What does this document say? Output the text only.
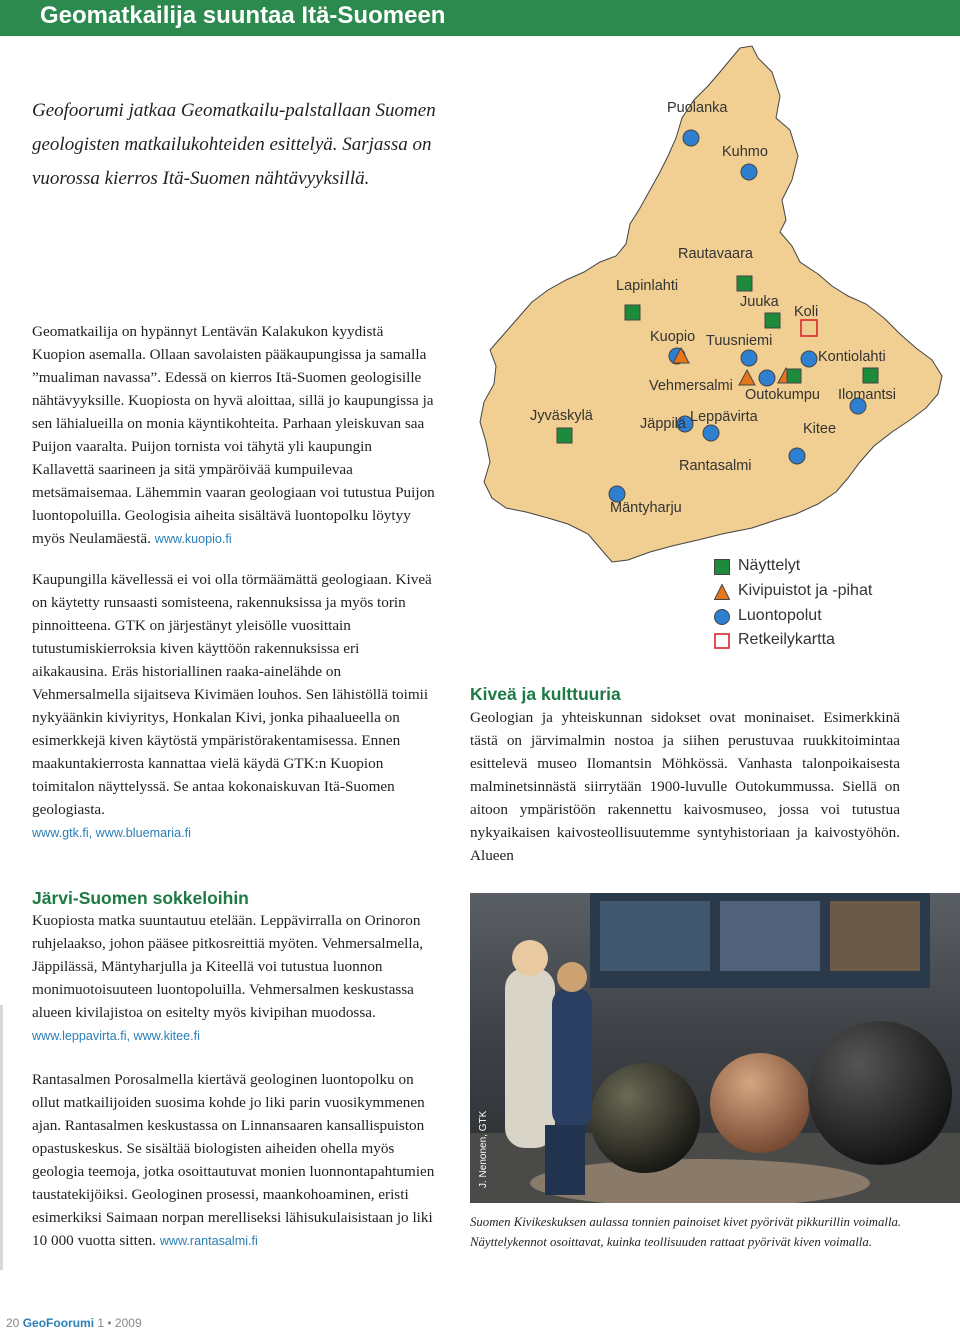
Geomatkailija suuntaa Itä-Suomeen
Geofoorumi jatkaa Geomatkailu-palstallaan Suomen geologisten matkailukohteiden esittelyä. Sarjassa on vuorossa kierros Itä-Suomen nähtävyyksillä.

Geomatkailija on hypännyt Lentävän Kalakukon kyydistä Kuopion asemalla. Ollaan savolaisten pääkaupungissa ja samalla ”mualiman navassa”. Edessä on kierros Itä-Suomen geologisille nähtävyyksille. Kuopiosta on hyvä aloittaa, sillä jo kaupungissa ja sen lähialueilla on monia käyntikohteita. Parhaan yleiskuvan saa Puijon vaaralta. Puijon tornista voi tähytä yli kaupungin Kallavettä saarineen ja sitä ympäröivää kumpuilevaa metsämaisemaa. Lähemmin vaaran geologiaan voi tutustua Puijon luontopoluilla. Geologisia aiheita sisältävä luontopolku löytyy myös Neulamäestä. www.kuopio.fi

Kaupungilla kävellessä ei voi olla törmäämättä geologiaan. Kiveä on käytetty runsaasti somisteena, rakennuksissa ja myös torin pinnoitteena. GTK on järjestänyt yleisölle vuosittain tutustumiskierroksia kiven käyttöön rakennuksissa eri aikakausina. Eräs historiallinen raaka-ainelähde on Vehmersalmella sijaitseva Kivimäen louhos. Sen lähistöllä toimii nykyäänkin kiviyritys, Honkalan Kivi, jonka pihaalueella on esimerkkejä kiven käytöstä ympäristörakentamisessa. Ennen maakuntakierrosta kannattaa vielä käydä GTK:n Kuopion toimitalon näyttelyssä. Se antaa kokonaiskuvan Itä-Suomen geologiasta.

www.gtk.fi, www.bluemaria.fi

Järvi-Suomen sokkeloihin

Kuopiosta matka suuntautuu etelään. Leppävirralla on Orinoron ruhjelaakso, johon pääsee pitkosreittiä myöten. Vehmersalmella, Jäppilässä, Mäntyharjulla ja Kiteellä voi tutustua luonnon monimuotoisuuteen luontopoluilla. Vehmersalmen keskustassa alueen kivilajistoa on esitelty myös kivipihan muodossa. www.leppavirta.fi, www.kitee.fi

Rantasalmen Porosalmella kiertävä geologinen luontopolku on ollut matkailijoiden suosima kohde jo liki parin vuosikymmenen ajan. Rantasalmen keskustassa on Linnansaaren kansallispuiston opastuskeskus. Se sisältää biologisten aiheiden ohella myös geologia teemoja, jotka osoittautuvat monien luonnontapahtumien taustatekijöiksi. Geologinen prosessi, maankohoaminen, eristi esimerkiksi Saimaan norpan merelliseksi lähisukulaisistaan jo liki 10 000 vuotta sitten. www.rantasalmi.fi

Puolanka
Kuhmo
Rautavaara
Lapinlahti
Juuka
Koli
Kuopio Tuusniemi
Kontiolahti
Vehmersalmi
Outokumpu Ilomantsi
Jyväskylä	Jäppilä Leppävirta
Kitee
Rantasalmi
Mäntyharju
Näyttelyt
Kivipuistot ja -pihat
Luontopolut
Retkeilykartta
Kiveä ja kulttuuria
Geologian ja yhteiskunnan sidokset ovat moninaiset. Esimerkkinä tästä on järvimalmin nostoa ja siihen perustuvaa ruukkitoimintaa esittelevä museo Ilomantsin Möhkössä. Vanhasta talonpoikaisesta malminetsinnästä siirrytään 1900-luvulle Outokummussa. Siellä on aitoon ympäristöön rakennettu kaivosmuseo, jossa voi tutustua nykyaikaisen kaivosteollisuutemme syntyhistoriaan ja kaivostyöhön. Alueen
Suomen Kivikeskuksen aulassa tonnien painoiset kivet pyörivät pikkurillin voimalla. Näyttelykennot osoittavat, kuinka teollisuuden rattaat pyörivät kiven voimalla.
20 GeoFoorumi 1 • 2009
